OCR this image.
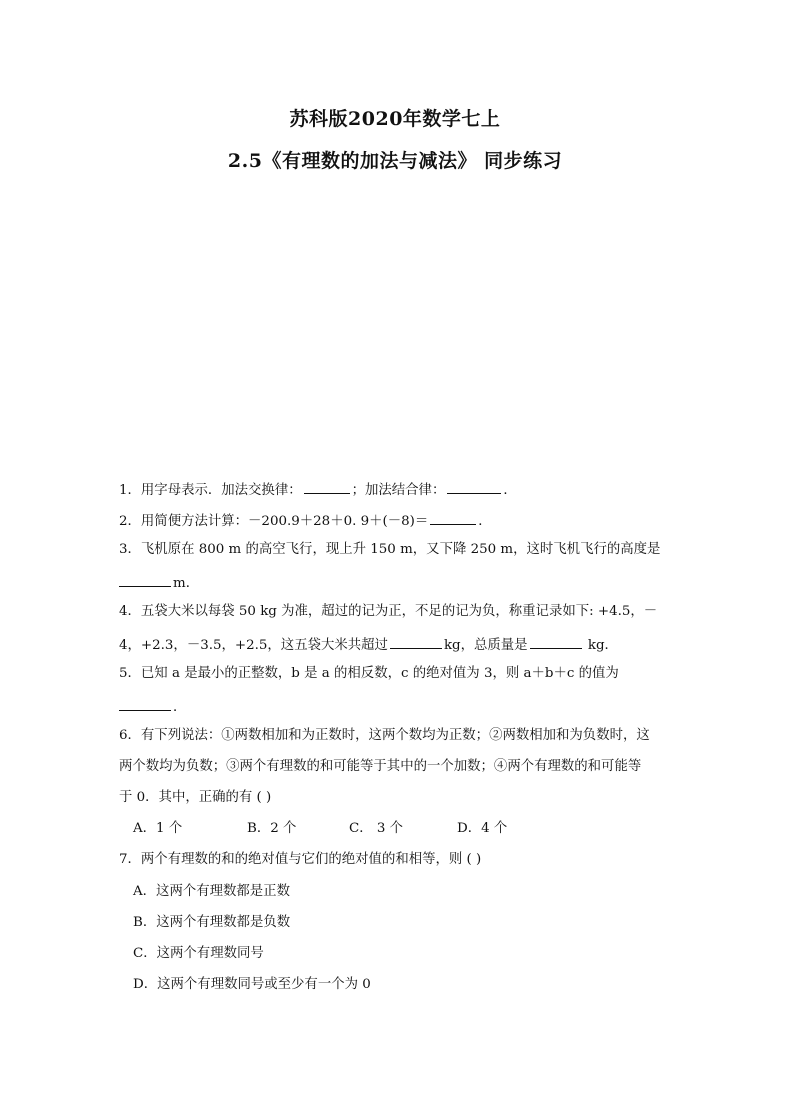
苏科版2020年数学七上
2.5《有理数的加法与减法》 同步练习
1．用字母表示．加法交换律：	；加法结合律：	．
2．用简便方法计算：－200.9＋28＋0. 9＋(－8)＝	．
3．飞机原在 800 m 的高空飞行，现上升 150 m，又下降 250 m，这时飞机飞行的高度是
m．
4．五袋大米以每袋 50 kg 为准，超过的记为正，不足的记为负，称重记录如下: +4.5，－
4，+2.3，－3.5，+2.5，这五袋大米共超过	kg，总质量是	kg．
5．已知 a 是最小的正整数，b 是 a 的相反数，c 的绝对值为 3，则 a＋b＋c 的值为
．
6．有下列说法：①两数相加和为正数时，这两个数均为正数；②两数相加和为负数时，这
两个数均为负数；③两个有理数的和可能等于其中的一个加数；④两个有理数的和可能等
于 0．其中，正确的有 ( )
A．1 个	B．2 个	C． 3 个	D．4 个
7．两个有理数的和的绝对值与它们的绝对值的和相等，则 ( )
A．这两个有理数都是正数
B．这两个有理数都是负数
C．这两个有理数同号
D．这两个有理数同号或至少有一个为 0
